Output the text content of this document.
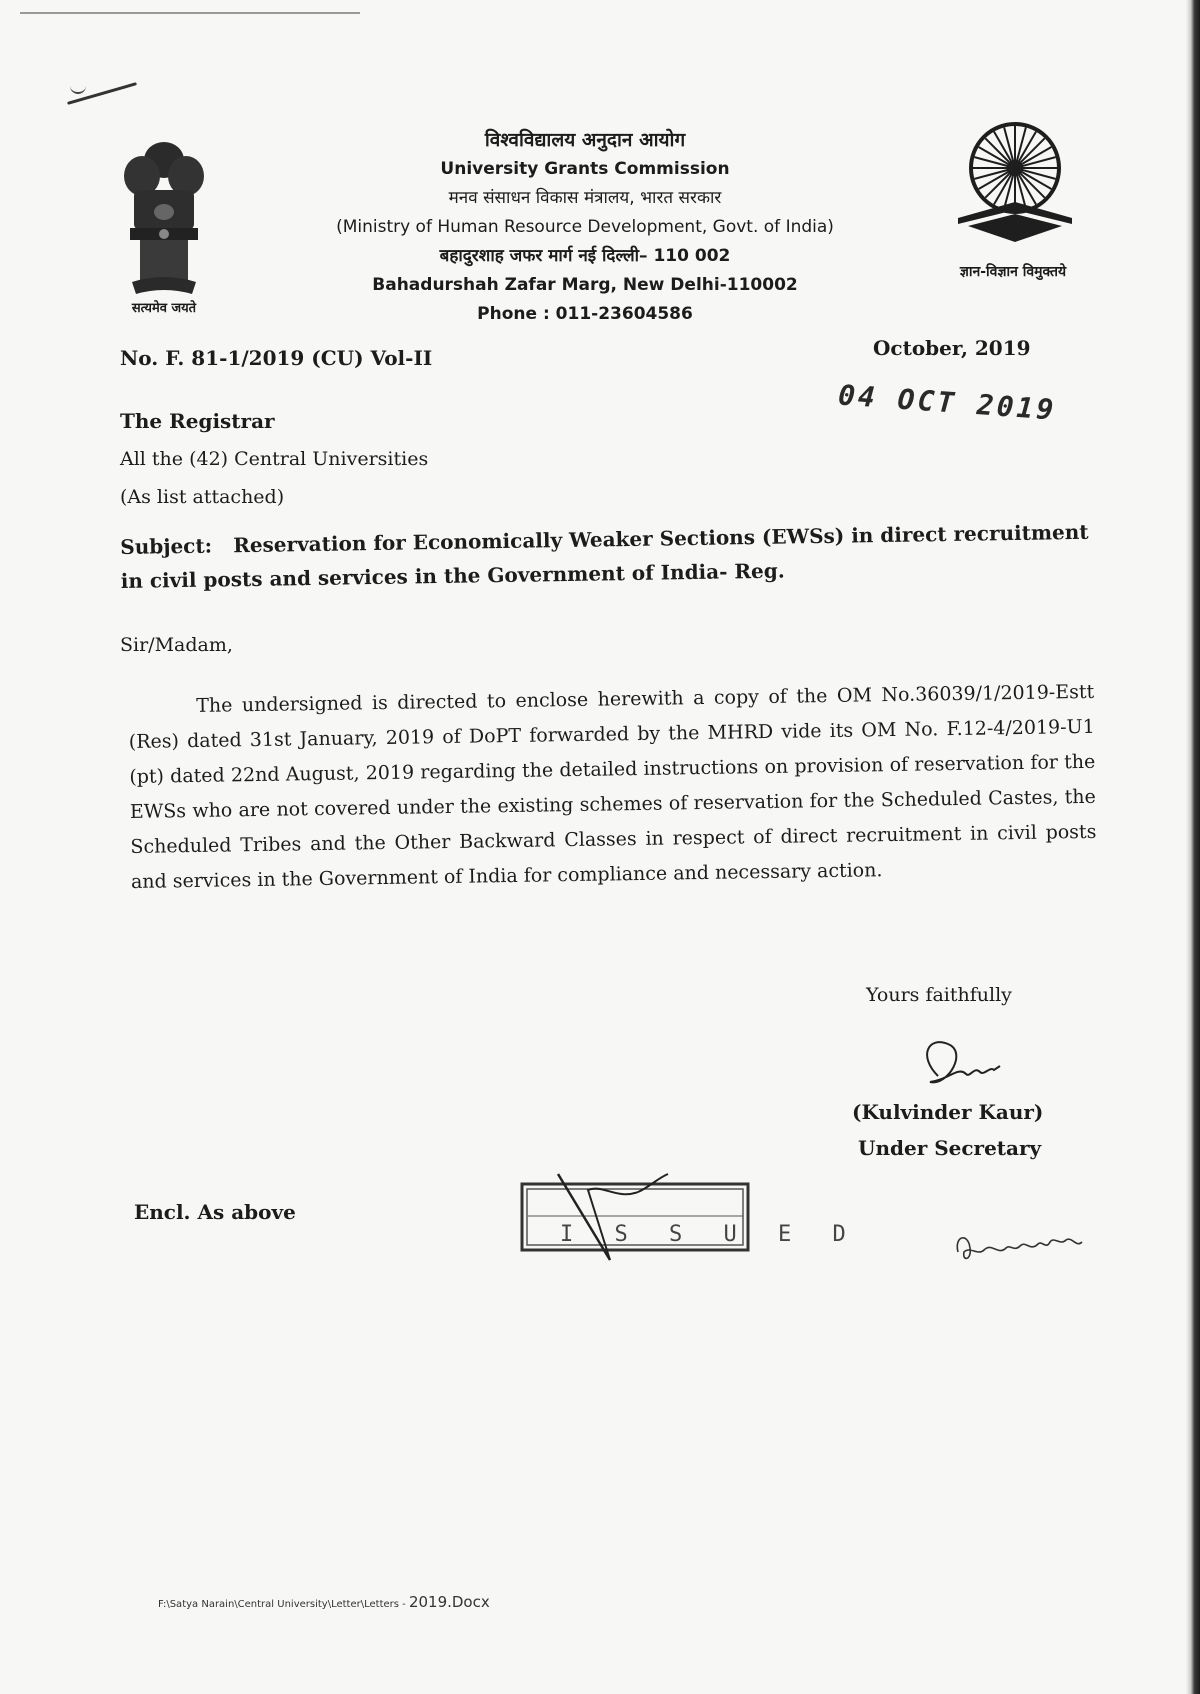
सत्यमेव जयते
ज्ञान-विज्ञान विमुक्तये
विश्वविद्यालय अनुदान आयोग
University Grants Commission
मनव संसाधन विकास मंत्रालय, भारत सरकार
(Ministry of Human Resource Development, Govt. of India)
बहादुरशाह जफर मार्ग नई दिल्ली– 110 002
Bahadurshah Zafar Marg, New Delhi-110002
Phone : 011-23604586
No. F. 81-1/2019 (CU) Vol-II	October, 2019
04 OCT 2019
The Registrar
All the (42) Central Universities
(As list attached)
Subject: Reservation for Economically Weaker Sections (EWSs) in direct recruitment in civil posts and services in the Government of India- Reg.
Sir/Madam,
The undersigned is directed to enclose herewith a copy of the OM No.36039/1/2019-Estt (Res) dated 31st January, 2019 of DoPT forwarded by the MHRD vide its OM No. F.12-4/2019-U1 (pt) dated 22nd August, 2019 regarding the detailed instructions on provision of reservation for the EWSs who are not covered under the existing schemes of reservation for the Scheduled Castes, the Scheduled Tribes and the Other Backward Classes in respect of direct recruitment in civil posts and services in the Government of India for compliance and necessary action.
Yours faithfully
(Kulvinder Kaur)
Under Secretary
Encl. As above
I S S U E D
F:\Satya Narain\Central University\Letter\Letters - 2019.Docx
